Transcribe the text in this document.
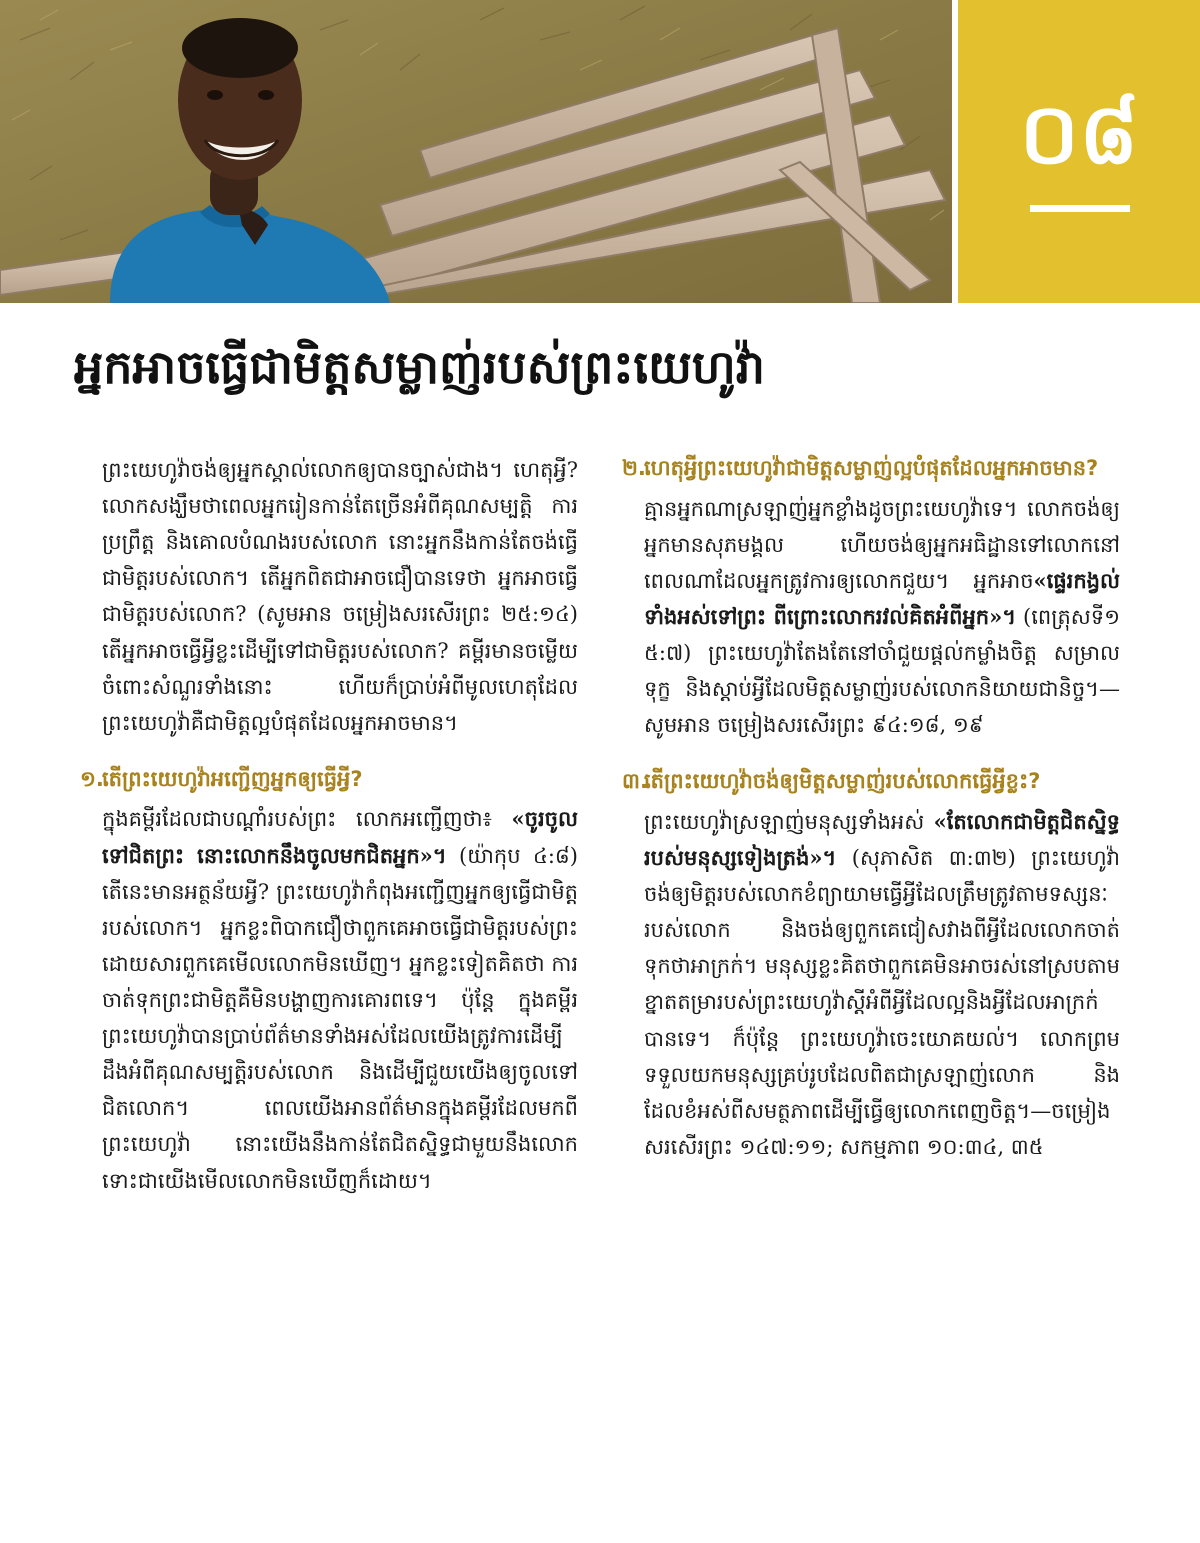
០៨
អ្នកអាចធ្វើជាមិត្តសម្លាញ់របស់ព្រះយេហូវ៉ា

ព្រះយេហូវ៉ាចង់ឲ្យអ្នកស្គាល់លោកឲ្យបានច្បាស់ជាង។ ហេតុអ្វី? លោកសង្ឃឹមថាពេលអ្នករៀនកាន់តែច្រើនអំពីគុណសម្បត្តិ ការប្រព្រឹត្ត និងគោលបំណងរបស់លោក នោះអ្នកនឹងកាន់តែចង់ធ្វើជាមិត្តរបស់លោក។ តើអ្នកពិតជាអាចជឿបានទេថា អ្នកអាចធ្វើជាមិត្តរបស់លោក? (សូមអាន ចម្រៀងសរសើរព្រះ ២៥:១៤) តើអ្នកអាចធ្វើអ្វីខ្លះដើម្បីទៅជាមិត្តរបស់លោក? គម្ពីរមានចម្លើយចំពោះសំណួរទាំងនោះ ហើយក៏ប្រាប់អំពីមូលហេតុដែលព្រះយេហូវ៉ាគឺជាមិត្តល្អបំផុតដែលអ្នកអាចមាន។

១.
តើព្រះយេហូវ៉ាអញ្ជើញអ្នកឲ្យធ្វើអ្វី?

ក្នុងគម្ពីរដែលជាបណ្ដាំរបស់ព្រះ លោកអញ្ជើញថា៖ «ចូរចូលទៅជិតព្រះ នោះលោកនឹងចូលមកជិតអ្នក»។ (យ៉ាកុប ៤:៨) តើនេះមានអត្ថន័យអ្វី? ព្រះយេហូវ៉ាកំពុងអញ្ជើញអ្នកឲ្យធ្វើជាមិត្តរបស់លោក។ អ្នកខ្លះពិបាកជឿថាពួកគេអាចធ្វើជាមិត្តរបស់ព្រះ ដោយសារពួកគេមើលលោកមិនឃើញ។ អ្នកខ្លះទៀតគិតថា ការចាត់ទុកព្រះជាមិត្តគឺមិនបង្ហាញការគោរពទេ។ ប៉ុន្តែ ក្នុងគម្ពីរ ព្រះយេហូវ៉ាបានប្រាប់ព័ត៌មានទាំងអស់ដែលយើងត្រូវការដើម្បីដឹងអំពីគុណសម្បត្តិរបស់លោក និងដើម្បីជួយយើងឲ្យចូលទៅជិតលោក។ ពេលយើងអានព័ត៌មានក្នុងគម្ពីរដែលមកពីព្រះយេហូវ៉ា នោះយើងនឹងកាន់តែជិតស្និទ្ធជាមួយនឹងលោក ទោះជាយើងមើលលោកមិនឃើញក៏ដោយ។

២.
ហេតុអ្វីព្រះយេហូវ៉ាជាមិត្តសម្លាញ់ល្អបំផុតដែលអ្នកអាចមាន?

គ្មានអ្នកណាស្រឡាញ់អ្នកខ្លាំងដូចព្រះយេហូវ៉ាទេ។ លោកចង់ឲ្យអ្នកមានសុភមង្គល ហើយចង់ឲ្យអ្នកអធិដ្ឋានទៅលោកនៅពេលណាដែលអ្នកត្រូវការឲ្យលោកជួយ។ អ្នកអាច«ផ្ទេរកង្វល់ទាំងអស់ទៅព្រះ ពីព្រោះលោករវល់គិតអំពីអ្នក»។ (ពេត្រុសទី១ ៥:៧) ព្រះយេហូវ៉ាតែងតែនៅចាំជួយផ្ដល់កម្លាំងចិត្ត សម្រាលទុក្ខ និងស្ដាប់អ្វីដែលមិត្តសម្លាញ់របស់លោកនិយាយជានិច្ច។—សូមអាន ចម្រៀងសរសើរព្រះ ៩៤:១៨, ១៩

៣.
តើព្រះយេហូវ៉ាចង់ឲ្យមិត្តសម្លាញ់របស់លោកធ្វើអ្វីខ្លះ?

ព្រះយេហូវ៉ាស្រឡាញ់មនុស្សទាំងអស់ «តែលោកជាមិត្តជិតស្និទ្ធរបស់មនុស្សទៀងត្រង់»។ (សុភាសិត ៣:៣២) ព្រះយេហូវ៉ាចង់ឲ្យមិត្តរបស់លោកខំព្យាយាមធ្វើអ្វីដែលត្រឹមត្រូវតាមទស្សនៈរបស់លោក និងចង់ឲ្យពួកគេជៀសវាងពីអ្វីដែលលោកចាត់ទុកថាអាក្រក់។ មនុស្សខ្លះគិតថាពួកគេមិនអាចរស់នៅស្របតាមខ្នាតតម្រារបស់ព្រះយេហូវ៉ាស្ដីអំពីអ្វីដែលល្អនិងអ្វីដែលអាក្រក់បានទេ។ ក៏ប៉ុន្តែ ព្រះយេហូវ៉ាចេះយោគយល់។ លោកព្រមទទួលយកមនុស្សគ្រប់រូបដែលពិតជាស្រឡាញ់លោក និងដែលខំអស់ពីសមត្ថភាពដើម្បីធ្វើឲ្យលោកពេញចិត្ត។—ចម្រៀងសរសើរព្រះ ១៤៧:១១; សកម្មភាព ១០:៣៤, ៣៥
